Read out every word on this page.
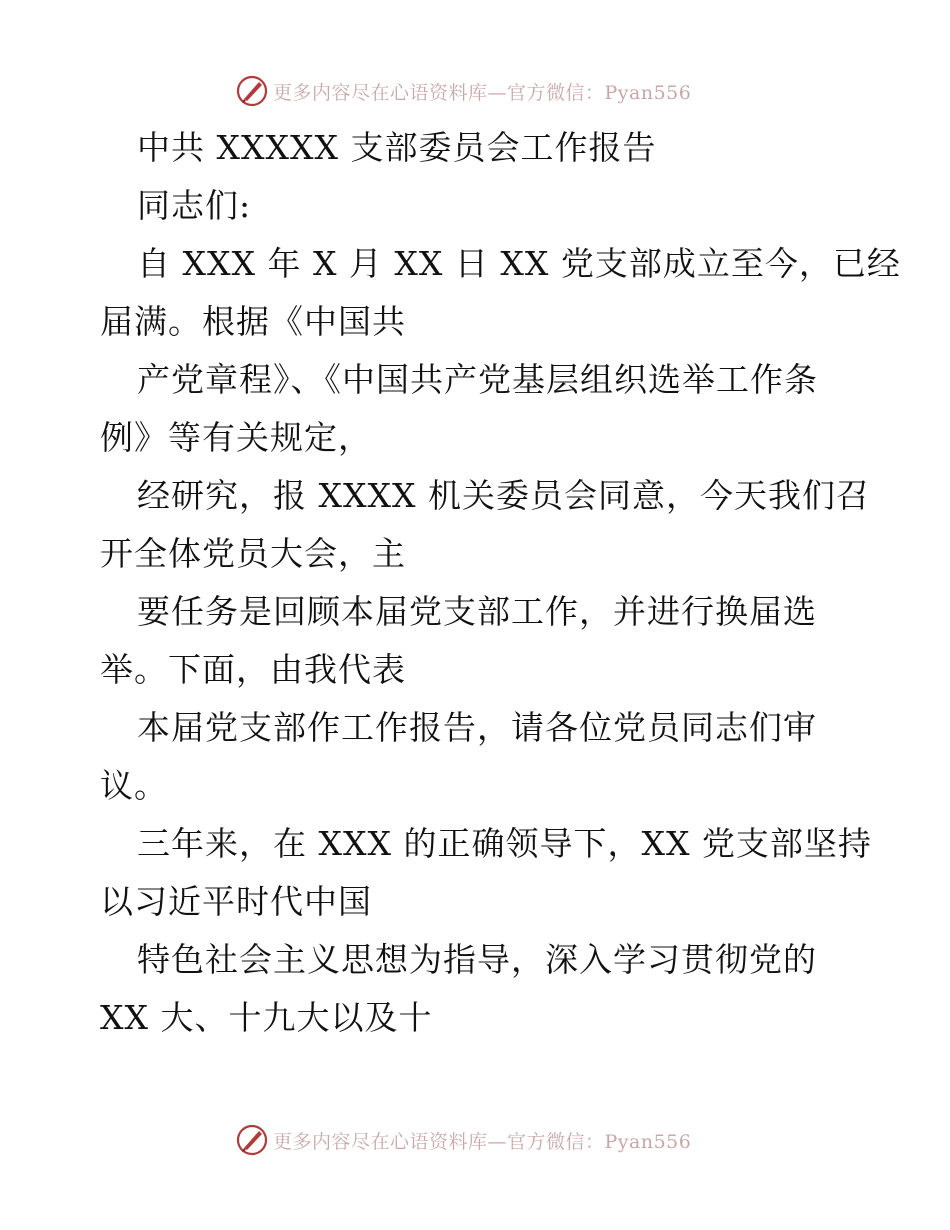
更多内容尽在心语资料库—官方微信：Pyan556
中共 XXXXX 支部委员会工作报告
同志们:
自 XXX 年 X 月 XX 日 XX 党支部成立至今，已经
届满。根据《中国共
产党章程》、《中国共产党基层组织选举工作条
例》等有关规定，
经研究，报 XXXX 机关委员会同意，今天我们召
开全体党员大会，主
要任务是回顾本届党支部工作，并进行换届选
举。下面，由我代表
本届党支部作工作报告，请各位党员同志们审
议。
三年来，在 XXX 的正确领导下，XX 党支部坚持
以习近平时代中国
特色社会主义思想为指导，深入学习贯彻党的
XX 大、十九大以及十
更多内容尽在心语资料库—官方微信：Pyan556
